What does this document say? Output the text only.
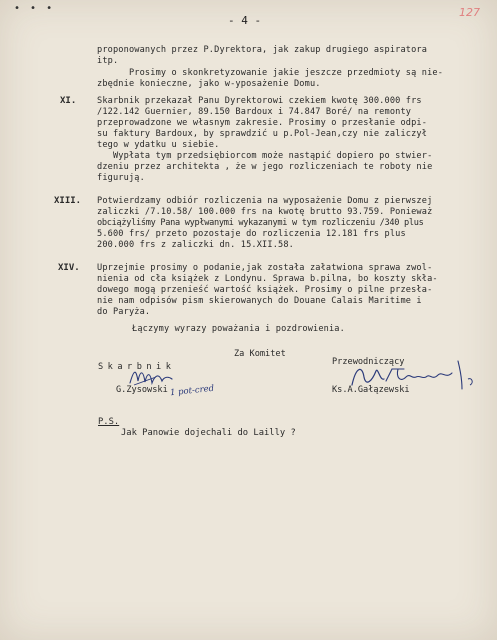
• • •	127
- 4 -
proponowanych przez P.Dyrektora, jak zakup drugiego aspiratora
itp.
Prosimy o skonkretyzowanie jakie jeszcze przedmioty są nie-
zbędnie konieczne, jako w-yposażenie Domu.
XI. Skarbnik przekazał Panu Dyrektorowi czekiem kwotę 300.000 frs
/122.142 Guernier, 89.150 Bardoux i 74.847 Boré/ na remonty
przeprowadzone we własnym zakresie. Prosimy o przesłanie odpi-
su faktury Bardoux, by sprawdzić u p.Pol-Jean,czy nie zaliczył
tego w ydatku u siebie.
Wypłata tym przedsiębiorcom może nastąpić dopiero po stwier-
dzeniu przez architekta , że w jego rozliczeniach te roboty nie
figurują.
XIII. Potwierdzamy odbiór rozliczenia na wyposażenie Domu z pierwszej
zaliczki /7.10.58/ 100.000 frs na kwotę brutto 93.759. Ponieważ
obciążyliśmy Pana wypłwanymi wykazanymi w tym rozliczeniu /340 plus
5.600 frs/ przeto pozostaje do rozliczenia 12.181 frs plus
200.000 frs z zaliczki dn. 15.XII.58.
XIV. Uprzejmie prosimy o podanie,jak zostałа załatwiona sprawa zwol-
nienia od cła książek z Londynu. Sprawa b.pilna, bo koszty skła-
dowego mogą przenieść wartość książek. Prosimy o pilne przesła-
nie nam odpisów pism skierowanych do Douane Calais Maritime i
do Paryża.
Łączymy wyrazy poważania i pozdrowienia.
Za Komitet
Skarbnik	Przewodniczący
G.Zysowski	Ks.A.Gałązewski
1 pot-cred
P.S.
Jak Panowie dojechali do Lailly ?
